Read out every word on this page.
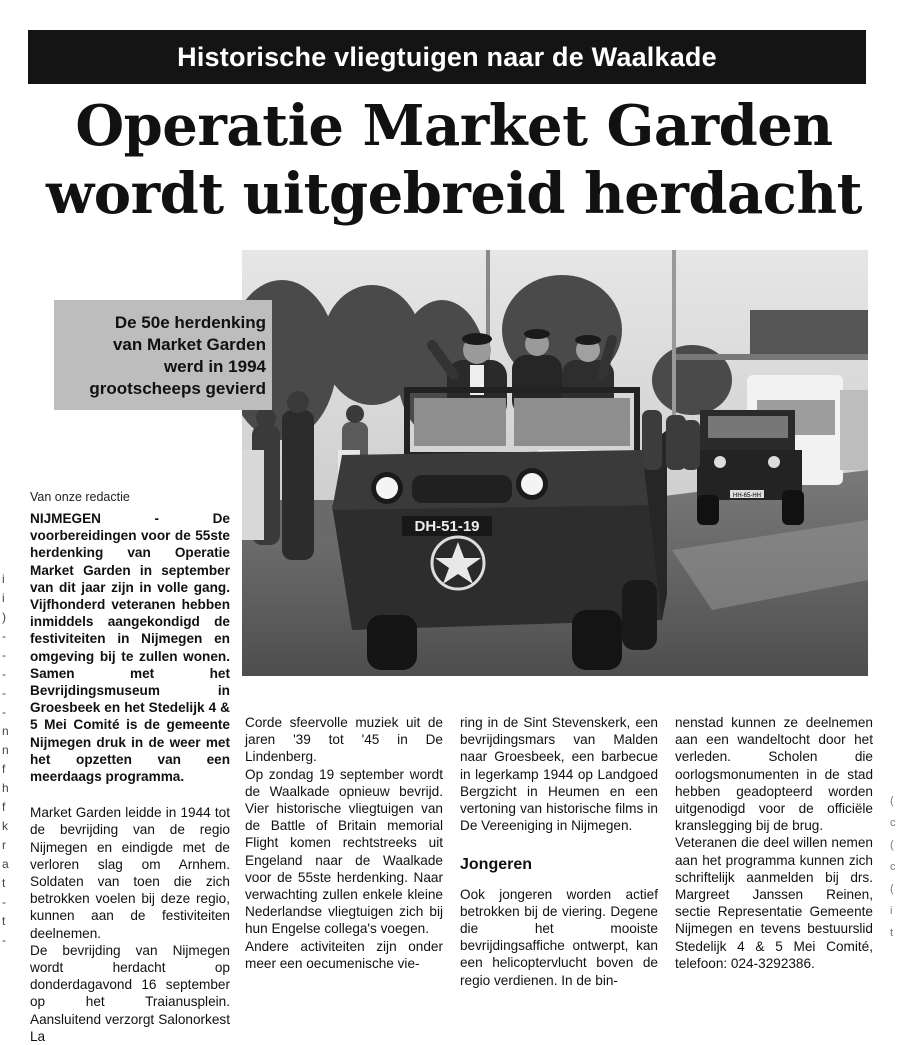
Historische vliegtuigen naar de Waalkade
Operatie Market Garden
wordt uitgebreid herdacht
HH-65-HH
DH-51-19
De 50e herdenking
van Market Garden
werd in 1994
grootscheeps gevierd
Van onze redactie

NIJMEGEN - De voorbereidingen voor de 55ste herdenking van Operatie Market Garden in september van dit jaar zijn in volle gang. Vijfhonderd veteranen hebben inmiddels aangekondigd de festiviteiten in Nijmegen en omgeving bij te zullen wonen. Samen met het Bevrijdingsmuseum in Groesbeek en het Stedelijk 4 & 5 Mei Comité is de gemeente Nijmegen druk in de weer met het opzetten van een meerdaags programma.

Market Garden leidde in 1944 tot de bevrijding van de regio Nijmegen en eindigde met de verloren slag om Arnhem. Soldaten van toen die zich betrokken voelen bij deze regio, kunnen aan de festiviteiten deelnemen.

De bevrijding van Nijmegen wordt herdacht op donderdagavond 16 september op het Traianusplein. Aansluitend verzorgt Salonorkest La

Corde sfeervolle muziek uit de jaren '39 tot '45 in De Lindenberg.

Op zondag 19 september wordt de Waalkade opnieuw bevrijd. Vier historische vliegtuigen van de Battle of Britain memorial Flight komen rechtstreeks uit Engeland naar de Waalkade voor de 55ste herdenking. Naar verwachting zullen enkele kleine Nederlandse vliegtuigen zich bij hun Engelse collega's voegen.

Andere activiteiten zijn onder meer een oecumenische vie-

ring in de Sint Stevenskerk, een bevrijdingsmars van Malden naar Groesbeek, een barbecue in legerkamp 1944 op Landgoed Bergzicht in Heumen en een vertoning van historische films in De Vereeniging in Nijmegen.

Jongeren

Ook jongeren worden actief betrokken bij de viering. Degene die het mooiste bevrijdingsaffiche ontwerpt, kan een helicoptervlucht boven de regio verdienen. In de bin-

nenstad kunnen ze deelnemen aan een wandeltocht door het verleden. Scholen die oorlogsmonumenten in de stad hebben geadopteerd worden uitgenodigd voor de officiële kranslegging bij de brug.

Veteranen die deel willen nemen aan het programma kunnen zich schriftelijk aanmelden bij drs. Margreet Janssen Reinen, sectie Representatie Gemeente Nijmegen en tevens bestuurslid Stedelijk 4 & 5 Mei Comité, telefoon: 024-3292386.

i
i
)
-
-
-
-
-
n
n
f
h
f
k
r
a
t
-
t
-
(
c
(
c
(
i
t
